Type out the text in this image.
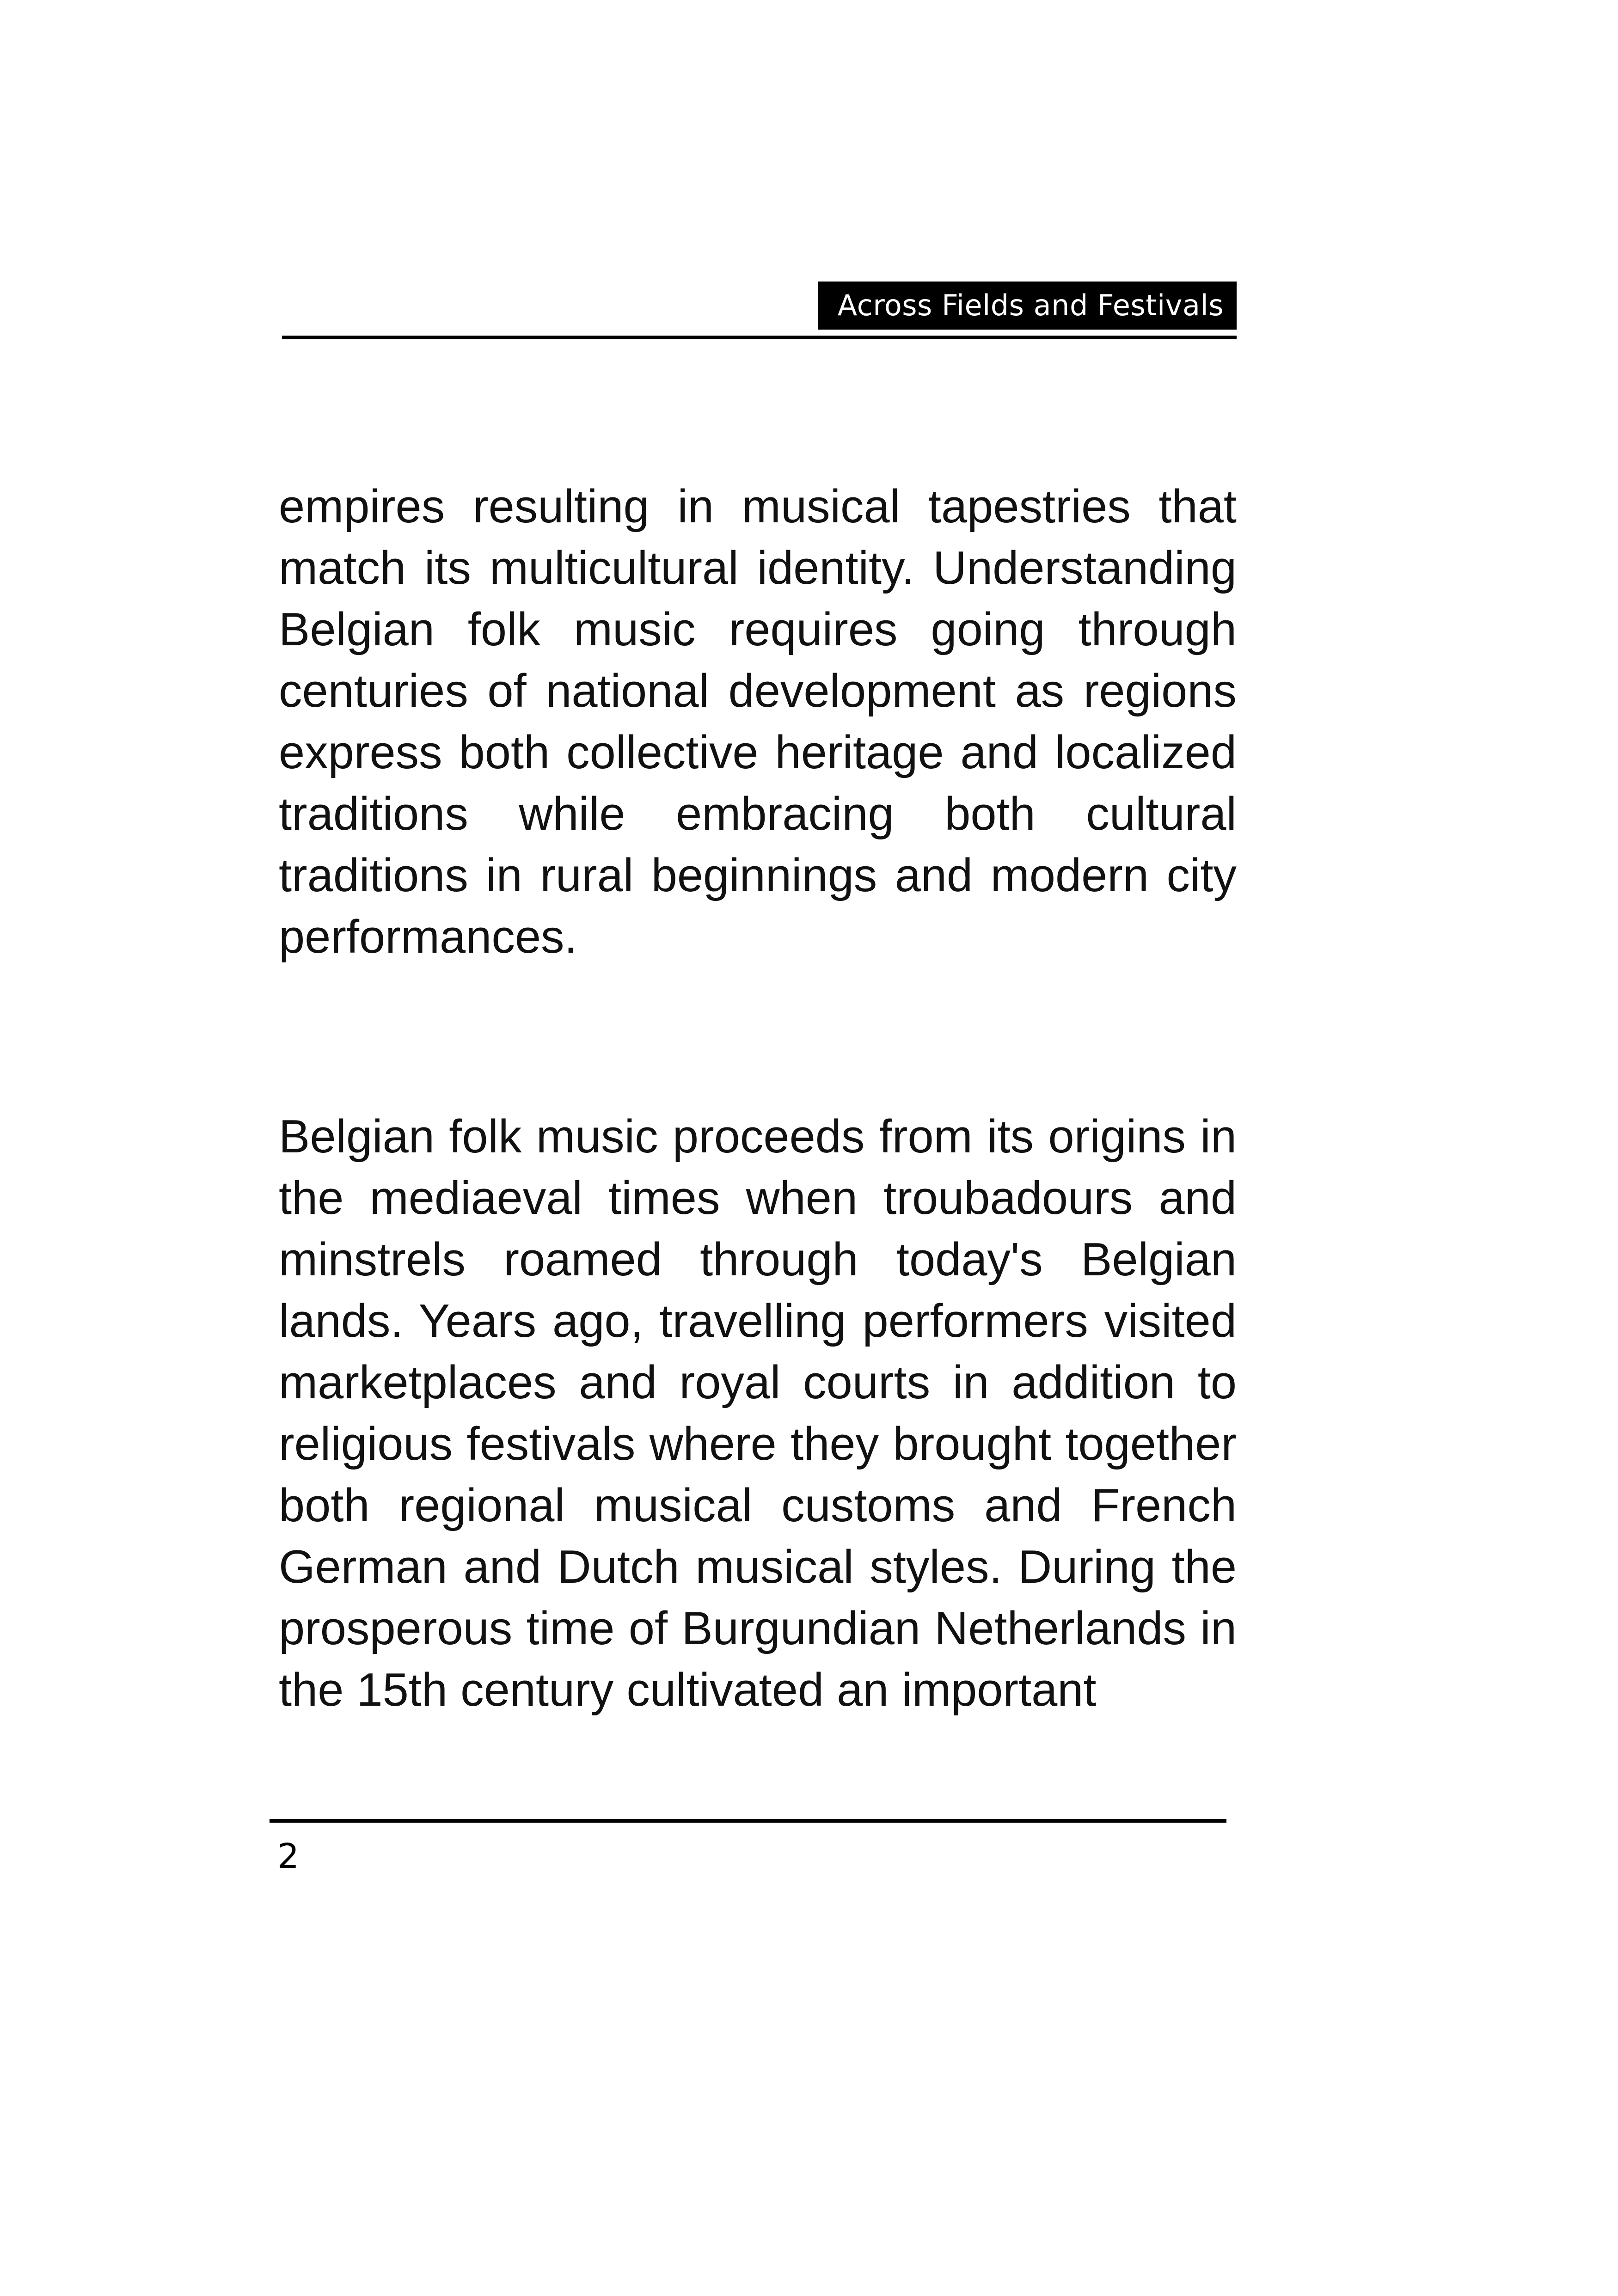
Across Fields and Festivals

empires resulting in musical tapestries that match its multicultural identity. Understanding Belgian folk music requires going through centuries of national development as regions express both collective heritage and localized traditions while embracing both cultural traditions in rural beginnings and modern city performances.

Belgian folk music proceeds from its origins in the mediaeval times when troubadours and minstrels roamed through today's Belgian lands. Years ago, travelling performers visited marketplaces and royal courts in addition to religious festivals where they brought together both regional musical customs and French German and Dutch musical styles. During the prosperous time of Burgundian Netherlands in the 15th century cultivated an important

2
